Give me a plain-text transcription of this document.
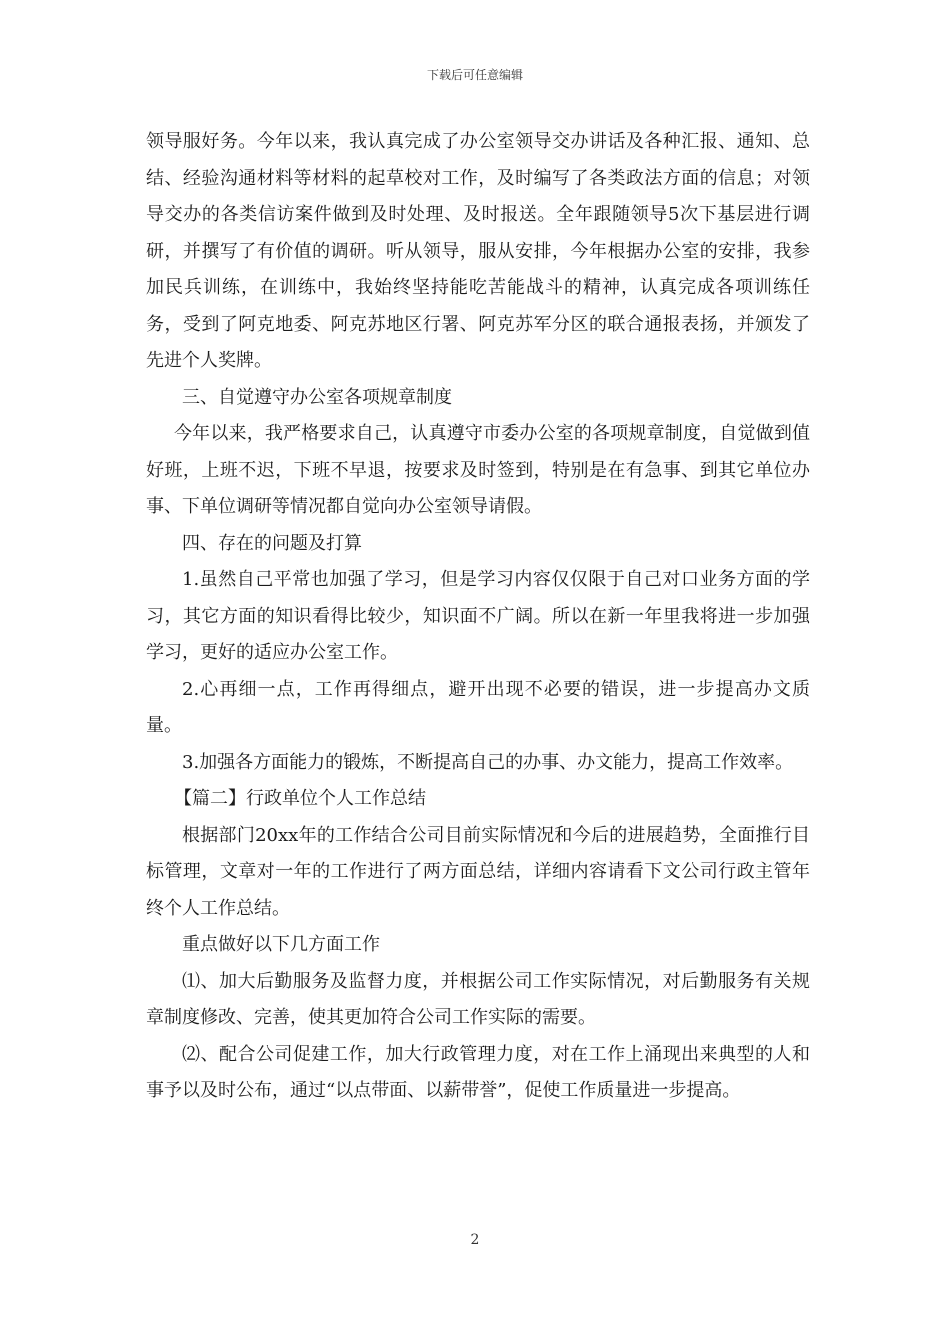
下载后可任意编辑

领导服好务。今年以来，我认真完成了办公室领导交办讲话及各种汇报、通知、总结、经验沟通材料等材料的起草校对工作，及时编写了各类政法方面的信息；对领导交办的各类信访案件做到及时处理、及时报送。全年跟随领导5次下基层进行调研，并撰写了有价值的调研。听从领导，服从安排，今年根据办公室的安排，我参加民兵训练，在训练中，我始终坚持能吃苦能战斗的精神，认真完成各项训练任务，受到了阿克地委、阿克苏地区行署、阿克苏军分区的联合通报表扬，并颁发了先进个人奖牌。

三、自觉遵守办公室各项规章制度

今年以来，我严格要求自己，认真遵守市委办公室的各项规章制度，自觉做到值好班，上班不迟，下班不早退，按要求及时签到，特别是在有急事、到其它单位办事、下单位调研等情况都自觉向办公室领导请假。

四、存在的问题及打算

1.虽然自己平常也加强了学习，但是学习内容仅仅限于自己对口业务方面的学习，其它方面的知识看得比较少，知识面不广阔。所以在新一年里我将进一步加强学习，更好的适应办公室工作。

2.心再细一点，工作再得细点，避开出现不必要的错误，进一步提高办文质量。

3.加强各方面能力的锻炼，不断提高自己的办事、办文能力，提高工作效率。

【篇二】行政单位个人工作总结

根据部门20xx年的工作结合公司目前实际情况和今后的进展趋势，全面推行目标管理，文章对一年的工作进行了两方面总结，详细内容请看下文公司行政主管年终个人工作总结。

重点做好以下几方面工作

⑴、加大后勤服务及监督力度，并根据公司工作实际情况，对后勤服务有关规章制度修改、完善，使其更加符合公司工作实际的需要。

⑵、配合公司促建工作，加大行政管理力度，对在工作上涌现出来典型的人和事予以及时公布，通过“以点带面、以薪带誉”，促使工作质量进一步提高。

2
